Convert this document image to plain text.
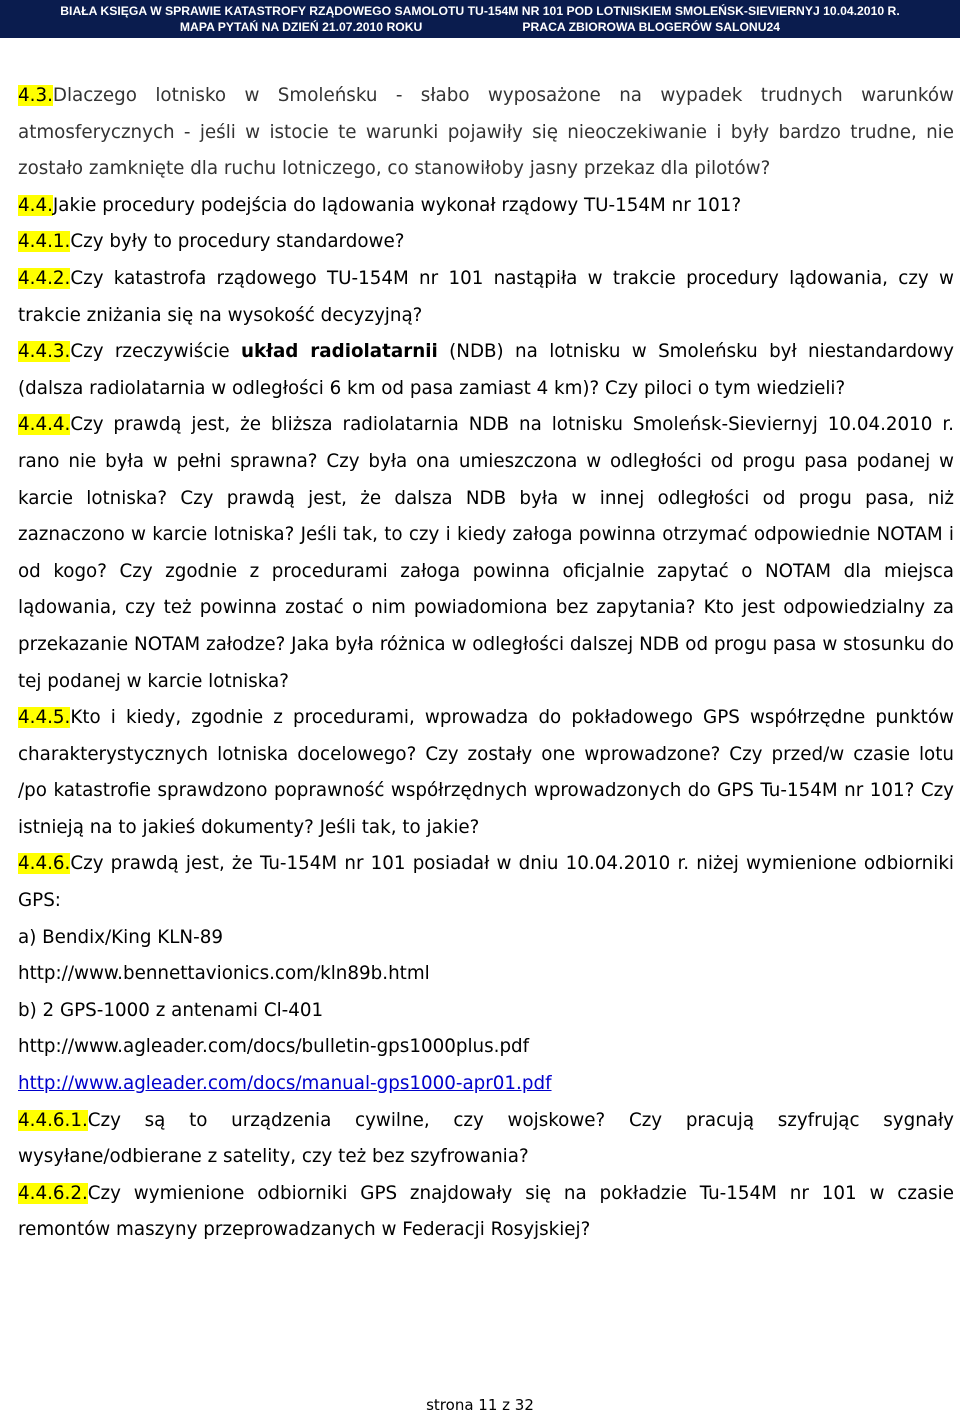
BIAŁA KSIĘGA W SPRAWIE KATASTROFY RZĄDOWEGO SAMOLOTU TU-154M NR 101 POD LOTNISKIEM SMOLEŃSK-SIEVIERNYJ 10.04.2010 R.
MAPA PYTAŃ NA DZIEŃ 21.07.2010 ROKU	PRACA ZBIOROWA BLOGERÓW SALONU24

4.3.Dlaczego lotnisko w Smoleńsku - słabo wyposażone na wypadek trudnych warunków atmosferycznych - jeśli w istocie te warunki pojawiły się nieoczekiwanie i były bardzo trudne, nie zostało zamknięte dla ruchu lotniczego, co stanowiłoby jasny przekaz dla pilotów?

4.4.Jakie procedury podejścia do lądowania wykonał rządowy TU-154M nr 101?

4.4.1.Czy były to procedury standardowe?

4.4.2.Czy katastrofa rządowego TU-154M nr 101 nastąpiła w trakcie procedury lądowania, czy w trakcie zniżania się na wysokość decyzyjną?

4.4.3.Czy rzeczywiście układ radiolatarnii (NDB) na lotnisku w Smoleńsku był niestandardowy (dalsza radiolatarnia w odległości 6 km od pasa zamiast 4 km)? Czy piloci o tym wiedzieli?

4.4.4.Czy prawdą jest, że bliższa radiolatarnia NDB na lotnisku Smoleńsk-Sieviernyj 10.04.2010 r. rano nie była w pełni sprawna? Czy była ona umieszczona w odległości od progu pasa podanej w karcie lotniska? Czy prawdą jest, że dalsza NDB była w innej odległości od progu pasa, niż zaznaczono w karcie lotniska? Jeśli tak, to czy i kiedy załoga powinna otrzymać odpowiednie NOTAM i od kogo? Czy zgodnie z procedurami załoga powinna oficjalnie zapytać o NOTAM dla miejsca lądowania, czy też powinna zostać o nim powiadomiona bez zapytania? Kto jest odpowiedzialny za przekazanie NOTAM załodze? Jaka była różnica w odległości dalszej NDB od progu pasa w stosunku do tej podanej w karcie lotniska?

4.4.5.Kto i kiedy, zgodnie z procedurami, wprowadza do pokładowego GPS współrzędne punktów charakterystycznych lotniska docelowego? Czy zostały one wprowadzone? Czy przed/w czasie lotu /po katastrofie sprawdzono poprawność współrzędnych wprowadzonych do GPS Tu-154M nr 101? Czy istnieją na to jakieś dokumenty? Jeśli tak, to jakie?

4.4.6.Czy prawdą jest, że Tu-154M nr 101 posiadał w dniu 10.04.2010 r. niżej wymienione odbiorniki GPS:

a) Bendix/King KLN-89

http://www.bennettavionics.com/kln89b.html

b) 2 GPS-1000 z antenami Cl-401

http://www.agleader.com/docs/bulletin-gps1000plus.pdf

http://www.agleader.com/docs/manual-gps1000-apr01.pdf

4.4.6.1.Czy są to urządzenia cywilne, czy wojskowe? Czy pracują szyfrując sygnały wysyłane/odbierane z satelity, czy też bez szyfrowania?

4.4.6.2.Czy wymienione odbiorniki GPS znajdowały się na pokładzie Tu-154M nr 101 w czasie remontów maszyny przeprowadzanych w Federacji Rosyjskiej?

strona 11 z 32
